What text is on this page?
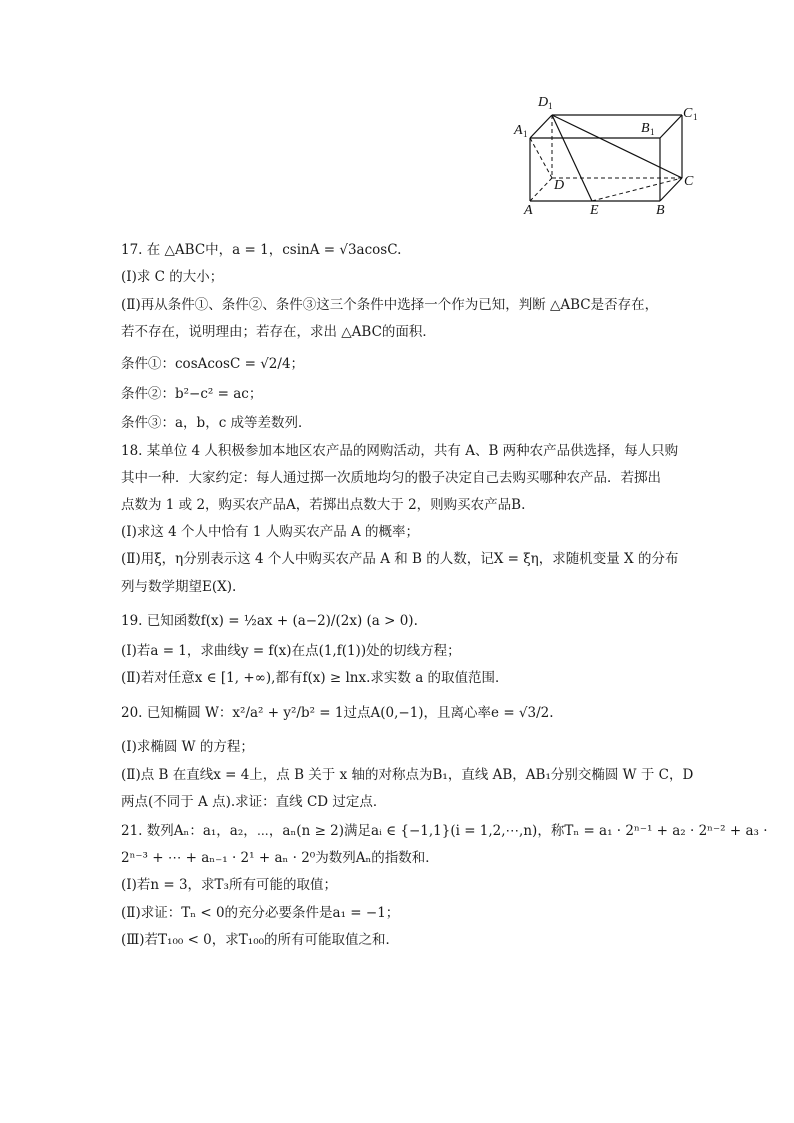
D 1	C 1
A 1	B 1
D	C
A	E	B
17. 在 △ABC中，a = 1，csinA = √3acosC.
(Ⅰ)求 C 的大小；
(Ⅱ)再从条件①、条件②、条件③这三个条件中选择一个作为已知，判断 △ABC是否存在，
若不存在，说明理由；若存在，求出 △ABC的面积．
条件①：cosAcosC = √2/4；
条件②：b²−c² = ac；
条件③：a，b，c 成等差数列．
18. 某单位 4 人积极参加本地区农产品的网购活动，共有 A、B 两种农产品供选择，每人只购
其中一种．大家约定：每人通过掷一次质地均匀的骰子决定自己去购买哪种农产品．若掷出
点数为 1 或 2，购买农产品A，若掷出点数大于 2，则购买农产品B.
(Ⅰ)求这 4 个人中恰有 1 人购买农产品 A 的概率；
(Ⅱ)用ξ，η分别表示这 4 个人中购买农产品 A 和 B 的人数，记X = ξη，求随机变量 X 的分布
列与数学期望E(X).
19. 已知函数f(x) = ½ax + (a−2)/(2x) (a > 0).
(Ⅰ)若a = 1，求曲线y = f(x)在点(1,f(1))处的切线方程；
(Ⅱ)若对任意x ∈ [1, +∞),都有f(x) ≥ lnx.求实数 a 的取值范围．
20. 已知椭圆 W：x²/a² + y²/b² = 1过点A(0,−1)，且离心率e = √3/2.
(Ⅰ)求椭圆 W 的方程；
(Ⅱ)点 B 在直线x = 4上，点 B 关于 x 轴的对称点为B₁，直线 AB，AB₁分别交椭圆 W 于 C，D
两点(不同于 A 点).求证：直线 CD 过定点．
21. 数列Aₙ：a₁，a₂，⋯，aₙ(n ≥ 2)满足aᵢ ∈ {−1,1}(i = 1,2,⋯,n)，称Tₙ = a₁ · 2ⁿ⁻¹ + a₂ · 2ⁿ⁻² + a₃ ·
2ⁿ⁻³ + ⋯ + aₙ₋₁ · 2¹ + aₙ · 2⁰为数列Aₙ的指数和．
(Ⅰ)若n = 3，求T₃所有可能的取值；
(Ⅱ)求证：Tₙ < 0的充分必要条件是a₁ = −1；
(Ⅲ)若T₁₀₀ < 0，求T₁₀₀的所有可能取值之和．
